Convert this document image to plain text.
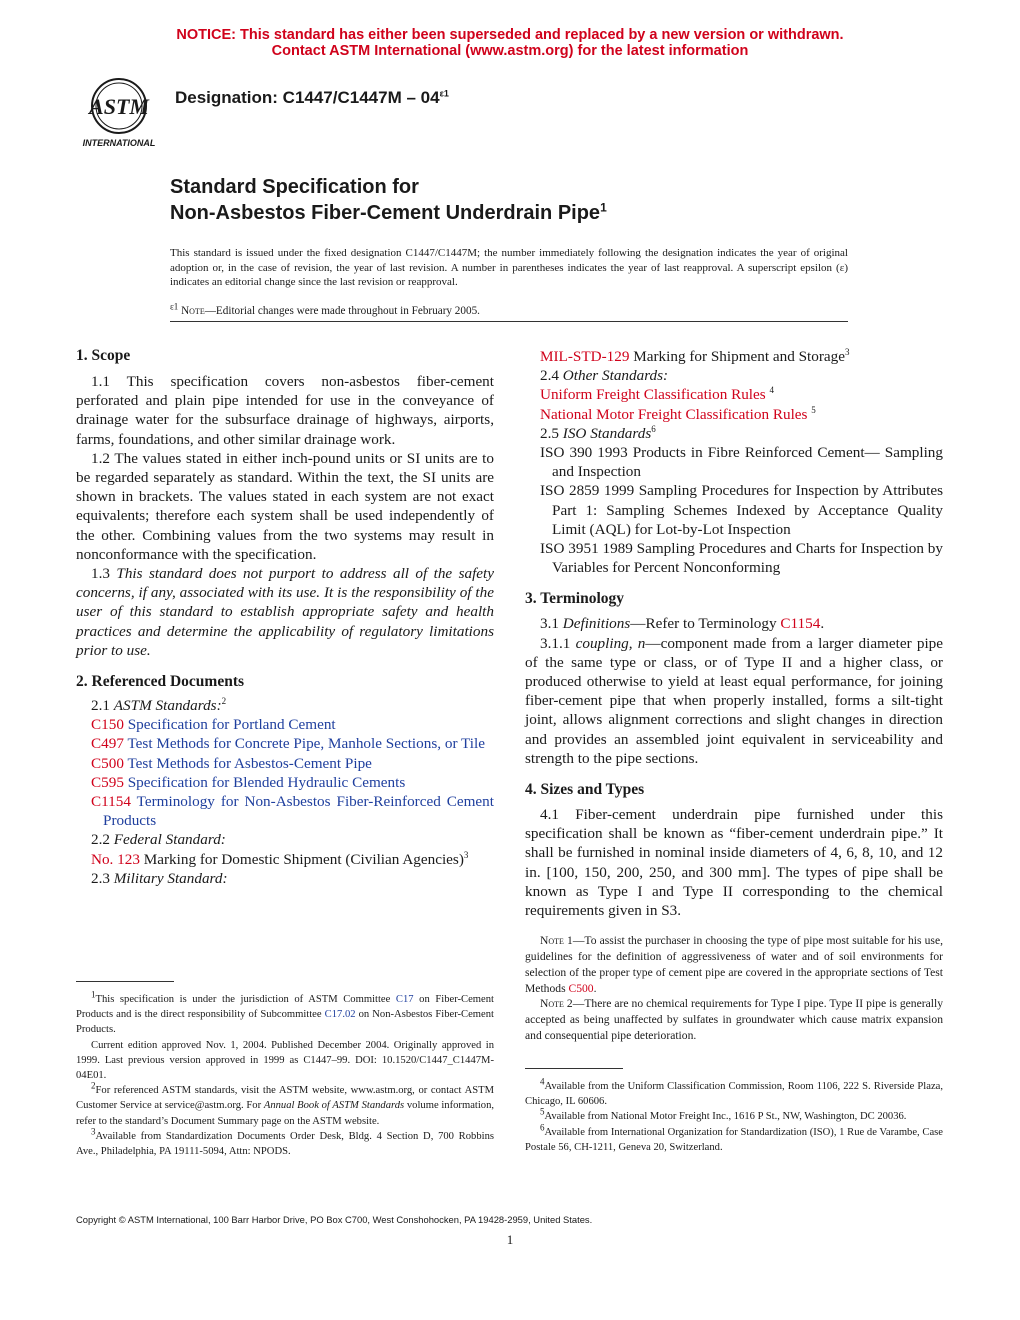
NOTICE: This standard has either been superseded and replaced by a new version or withdrawn.
Contact ASTM International (www.astm.org) for the latest information
ASTM
INTERNATIONAL
Designation: $C1447/C1447M - 04^{\varepsilon 1}$
Standard Specification for
Non-Asbestos Fiber-Cement Underdrain Pipe$^1$
This standard is issued under the fixed designation C1447/C1447M; the number immediately following the designation indicates the year of original adoption or, in the case of revision, the year of last revision. A number in parentheses indicates the year of last reapproval. A superscript epsilon (ε) indicates an editorial change since the last revision or reapproval.
$^{\varepsilon 1}$ Note—Editorial changes were made throughout in February 2005.
1. Scope
1.1 This specification covers non-asbestos fiber-cement perforated and plain pipe intended for use in the conveyance of drainage water for the subsurface drainage of highways, airports, farms, foundations, and other similar drainage work.
1.2 The values stated in either inch-pound units or SI units are to be regarded separately as standard. Within the text, the SI units are shown in brackets. The values stated in each system are not exact equivalents; therefore each system shall be used independently of the other. Combining values from the two systems may result in nonconformance with the specification.
1.3 This standard does not purport to address all of the safety concerns, if any, associated with its use. It is the responsibility of the user of this standard to establish appropriate safety and health practices and determine the applicability of regulatory limitations prior to use.
2. Referenced Documents
2.1 ASTM Standards:$^2$
C150 Specification for Portland Cement
C497 Test Methods for Concrete Pipe, Manhole Sections, or Tile
C500 Test Methods for Asbestos-Cement Pipe
C595 Specification for Blended Hydraulic Cements
C1154 Terminology for Non-Asbestos Fiber-Reinforced Cement Products
2.2 Federal Standard:
No. 123 Marking for Domestic Shipment (Civilian Agencies)$^3$
2.3 Military Standard:
$^1$This specification is under the jurisdiction of ASTM Committee C17 on Fiber-Cement Products and is the direct responsibility of Subcommittee C17.02 on Non-Asbestos Fiber-Cement Products.
Current edition approved Nov. 1, 2004. Published December 2004. Originally approved in 1999. Last previous version approved in 1999 as C1447–99. DOI: 10.1520/C1447_C1447M-04E01.
$^2$For referenced ASTM standards, visit the ASTM website, www.astm.org, or contact ASTM Customer Service at service@astm.org. For Annual Book of ASTM Standards volume information, refer to the standard’s Document Summary page on the ASTM website.
$^3$Available from Standardization Documents Order Desk, Bldg. 4 Section D, 700 Robbins Ave., Philadelphia, PA 19111-5094, Attn: NPODS.
MIL-STD-129 Marking for Shipment and Storage$^3$
2.4 Other Standards:
Uniform Freight Classification Rules $^4$
National Motor Freight Classification Rules $^5$
2.5 ISO Standards$^6$
ISO 390 1993 Products in Fibre Reinforced Cement— Sampling and Inspection
ISO 2859 1999 Sampling Procedures for Inspection by Attributes Part 1: Sampling Schemes Indexed by Acceptance Quality Limit (AQL) for Lot-by-Lot Inspection
ISO 3951 1989 Sampling Procedures and Charts for Inspection by Variables for Percent Nonconforming
3. Terminology
3.1 Definitions—Refer to Terminology C1154.
3.1.1 coupling, n—component made from a larger diameter pipe of the same type or class, or of Type II and a higher class, or produced otherwise to yield at least equal performance, for joining fiber-cement pipe that when properly installed, forms a silt-tight joint, allows alignment corrections and slight changes in direction and provides an assembled joint equivalent in serviceability and strength to the pipe sections.
4. Sizes and Types
4.1 Fiber-cement underdrain pipe furnished under this specification shall be known as “fiber-cement underdrain pipe.” It shall be furnished in nominal inside diameters of 4, 6, 8, 10, and 12 in. [100, 150, 200, 250, and 300 mm]. The types of pipe shall be known as Type I and Type II corresponding to the chemical requirements given in S3.
Note 1—To assist the purchaser in choosing the type of pipe most suitable for his use, guidelines for the definition of aggressiveness of water and of soil environments for selection of the proper type of cement pipe are covered in the appropriate sections of Test Methods C500.
Note 2—There are no chemical requirements for Type I pipe. Type II pipe is generally accepted as being unaffected by sulfates in groundwater which cause matrix expansion and consequential pipe deterioration.
$^4$Available from the Uniform Classification Commission, Room 1106, 222 S. Riverside Plaza, Chicago, IL 60606.
$^5$Available from National Motor Freight Inc., 1616 P St., NW, Washington, DC 20036.
$^6$Available from International Organization for Standardization (ISO), 1 Rue de Varambe, Case Postale 56, CH-1211, Geneva 20, Switzerland.
Copyright © ASTM International, 100 Barr Harbor Drive, PO Box C700, West Conshohocken, PA 19428-2959, United States.
1
